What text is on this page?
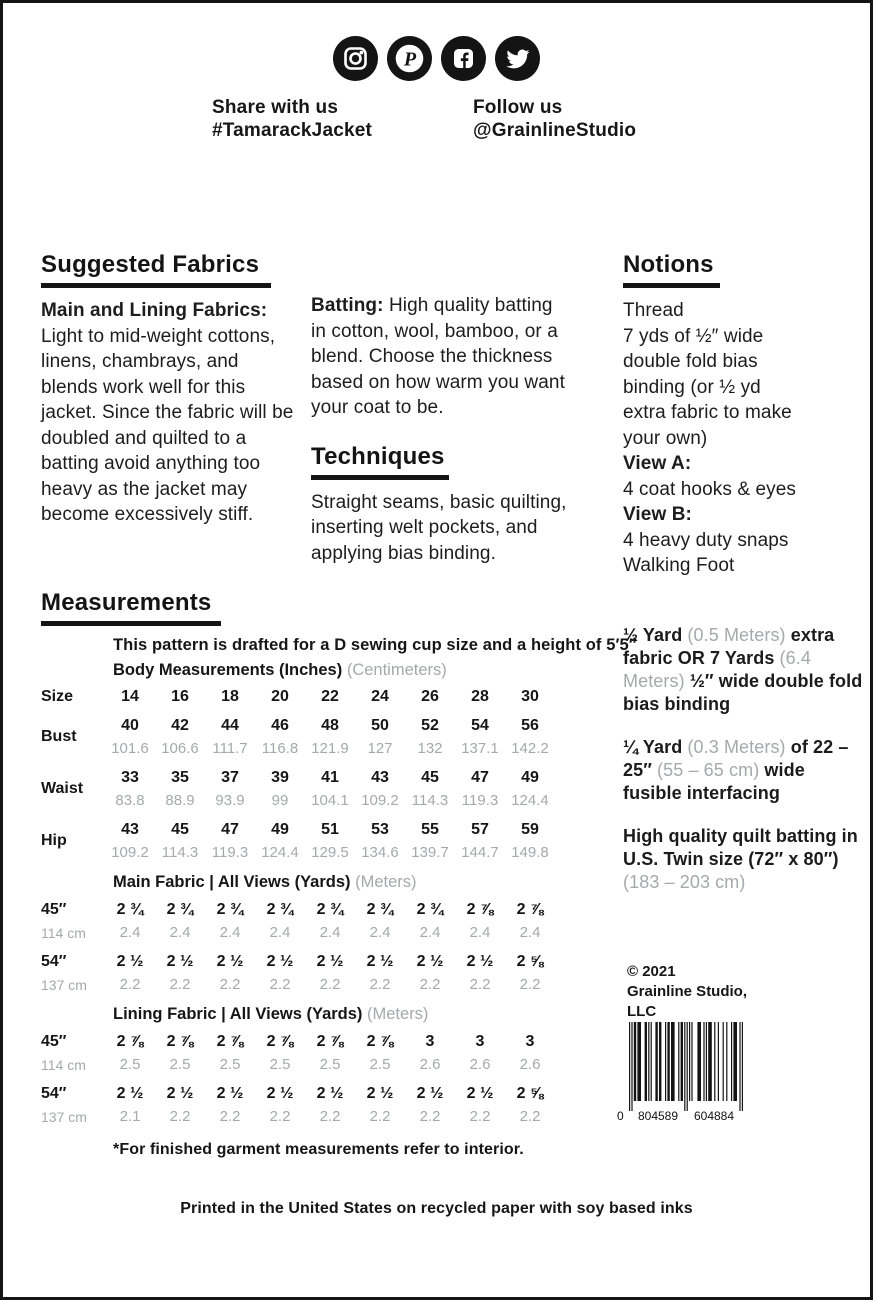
P
Share with us
#TamarackJacket
Follow us
@GrainlineStudio
Suggested Fabrics

Main and Lining Fabrics: Light to mid-weight cottons, linens, chambrays, and blends work well for this jacket. Since the fabric will be doubled and quilted to a batting avoid anything too heavy as the jacket may become excessively stiff.

Batting: High quality batting in cotton, wool, bamboo, or a blend. Choose the thickness based on how warm you want your coat to be.

Techniques

Straight seams, basic quilting, inserting welt pockets, and applying bias binding.

Notions
Thread
7 yds of ½″ wide
double fold bias
binding (or ½ yd
extra fabric to make
your own)
View A:
4 coat hooks & eyes
View B:
4 heavy duty snaps
Walking Foot
Measurements

This pattern is drafted for a D sewing cup size and a height of 5′5″

Body Measurements (Inches) (Centimeters)

Size	14	16	18	20	22	24	26	28	30
Bust
40	42	44	46	48	50	52	54	56
101.6 106.6 111.7 116.8 121.9	127	132	137.1 142.2
Waist
33	35	37	39	41	43	45	47	49
83.8	88.9	93.9	99	104.1 109.2 114.3 119.3 124.4
Hip
43	45	47	49	51	53	55	57	59
109.2 114.3 119.3 124.4 129.5 134.6 139.7 144.7 149.8
Main Fabric | All Views (Yards) (Meters)
45″
114 cm
2 ¾	2 ¾	2 ¾	2 ¾	2 ¾	2 ¾	2 ¾	2 ⅞	2 ⅞
2.4	2.4	2.4	2.4	2.4	2.4	2.4	2.4	2.4
54″
137 cm
2 ½	2 ½	2 ½	2 ½	2 ½	2 ½	2 ½	2 ½	2 ⅝
2.2	2.2	2.2	2.2	2.2	2.2	2.2	2.2	2.2
Lining Fabric | All Views (Yards) (Meters)
45″
114 cm
2 ⅞	2 ⅞	2 ⅞	2 ⅞	2 ⅞	2 ⅞	3	3	3
2.5	2.5	2.5	2.5	2.5	2.5	2.6	2.6	2.6
54″
137 cm
2 ½	2 ½	2 ½	2 ½	2 ½	2 ½	2 ½	2 ½	2 ⅝
2.1	2.2	2.2	2.2	2.2	2.2	2.2	2.2	2.2
*For finished garment measurements refer to interior.

½ Yard (0.5 Meters) extra fabric OR 7 Yards (6.4 Meters) ½″ wide double fold bias binding

¼ Yard (0.3 Meters) of 22 – 25″ (55 – 65 cm) wide fusible interfacing

High quality quilt batting in U.S. Twin size (72″ x 80″) (183 – 203 cm)

© 2021
Grainline Studio,
LLC
0 804589 604884
Printed in the United States on recycled paper with soy based inks
